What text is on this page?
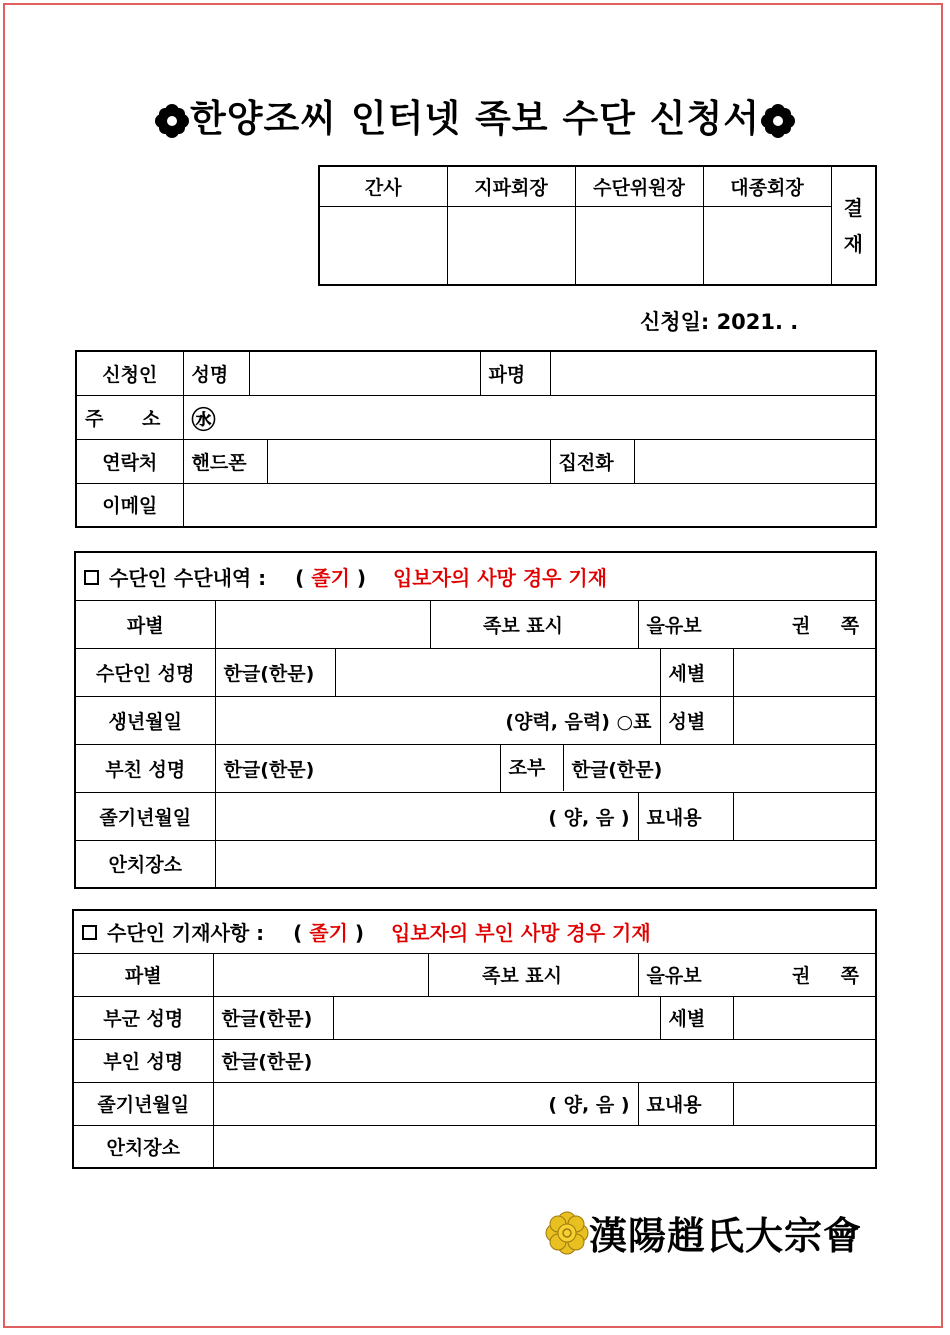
한양조씨 인터넷 족보 수단 신청서
간사	지파회장	수단위원장	대종회장	결 재

신청일: 2021. .
신청인	성명			파명		
주 소	㊌					
연락처	핸드폰				집전화	
이메일						
수단인 수단내역 : ( 졸기 ) 입보자의 사망 경우 기재							
파별			족보 표시		을유보 권 쪽		

수단인 성명	한글(한문)					세별	
생년월일	(양력, 음력) ○표					성별	
부친 성명	한글(한문)			조부 한글(한문)			

졸기년월일	( 양, 음 )				묘내용		
안치장소							
수단인 기재사항 : ( 졸기 ) 입보자의 부인 사망 경우 기재						
파별			족보 표시	을유보 권 쪽		

부군 성명	한글(한문)				세별	
부인 성명	한글(한문)					
졸기년월일	( 양, 음 )			묘내용		
안치장소						
漢陽趙氏大宗會
